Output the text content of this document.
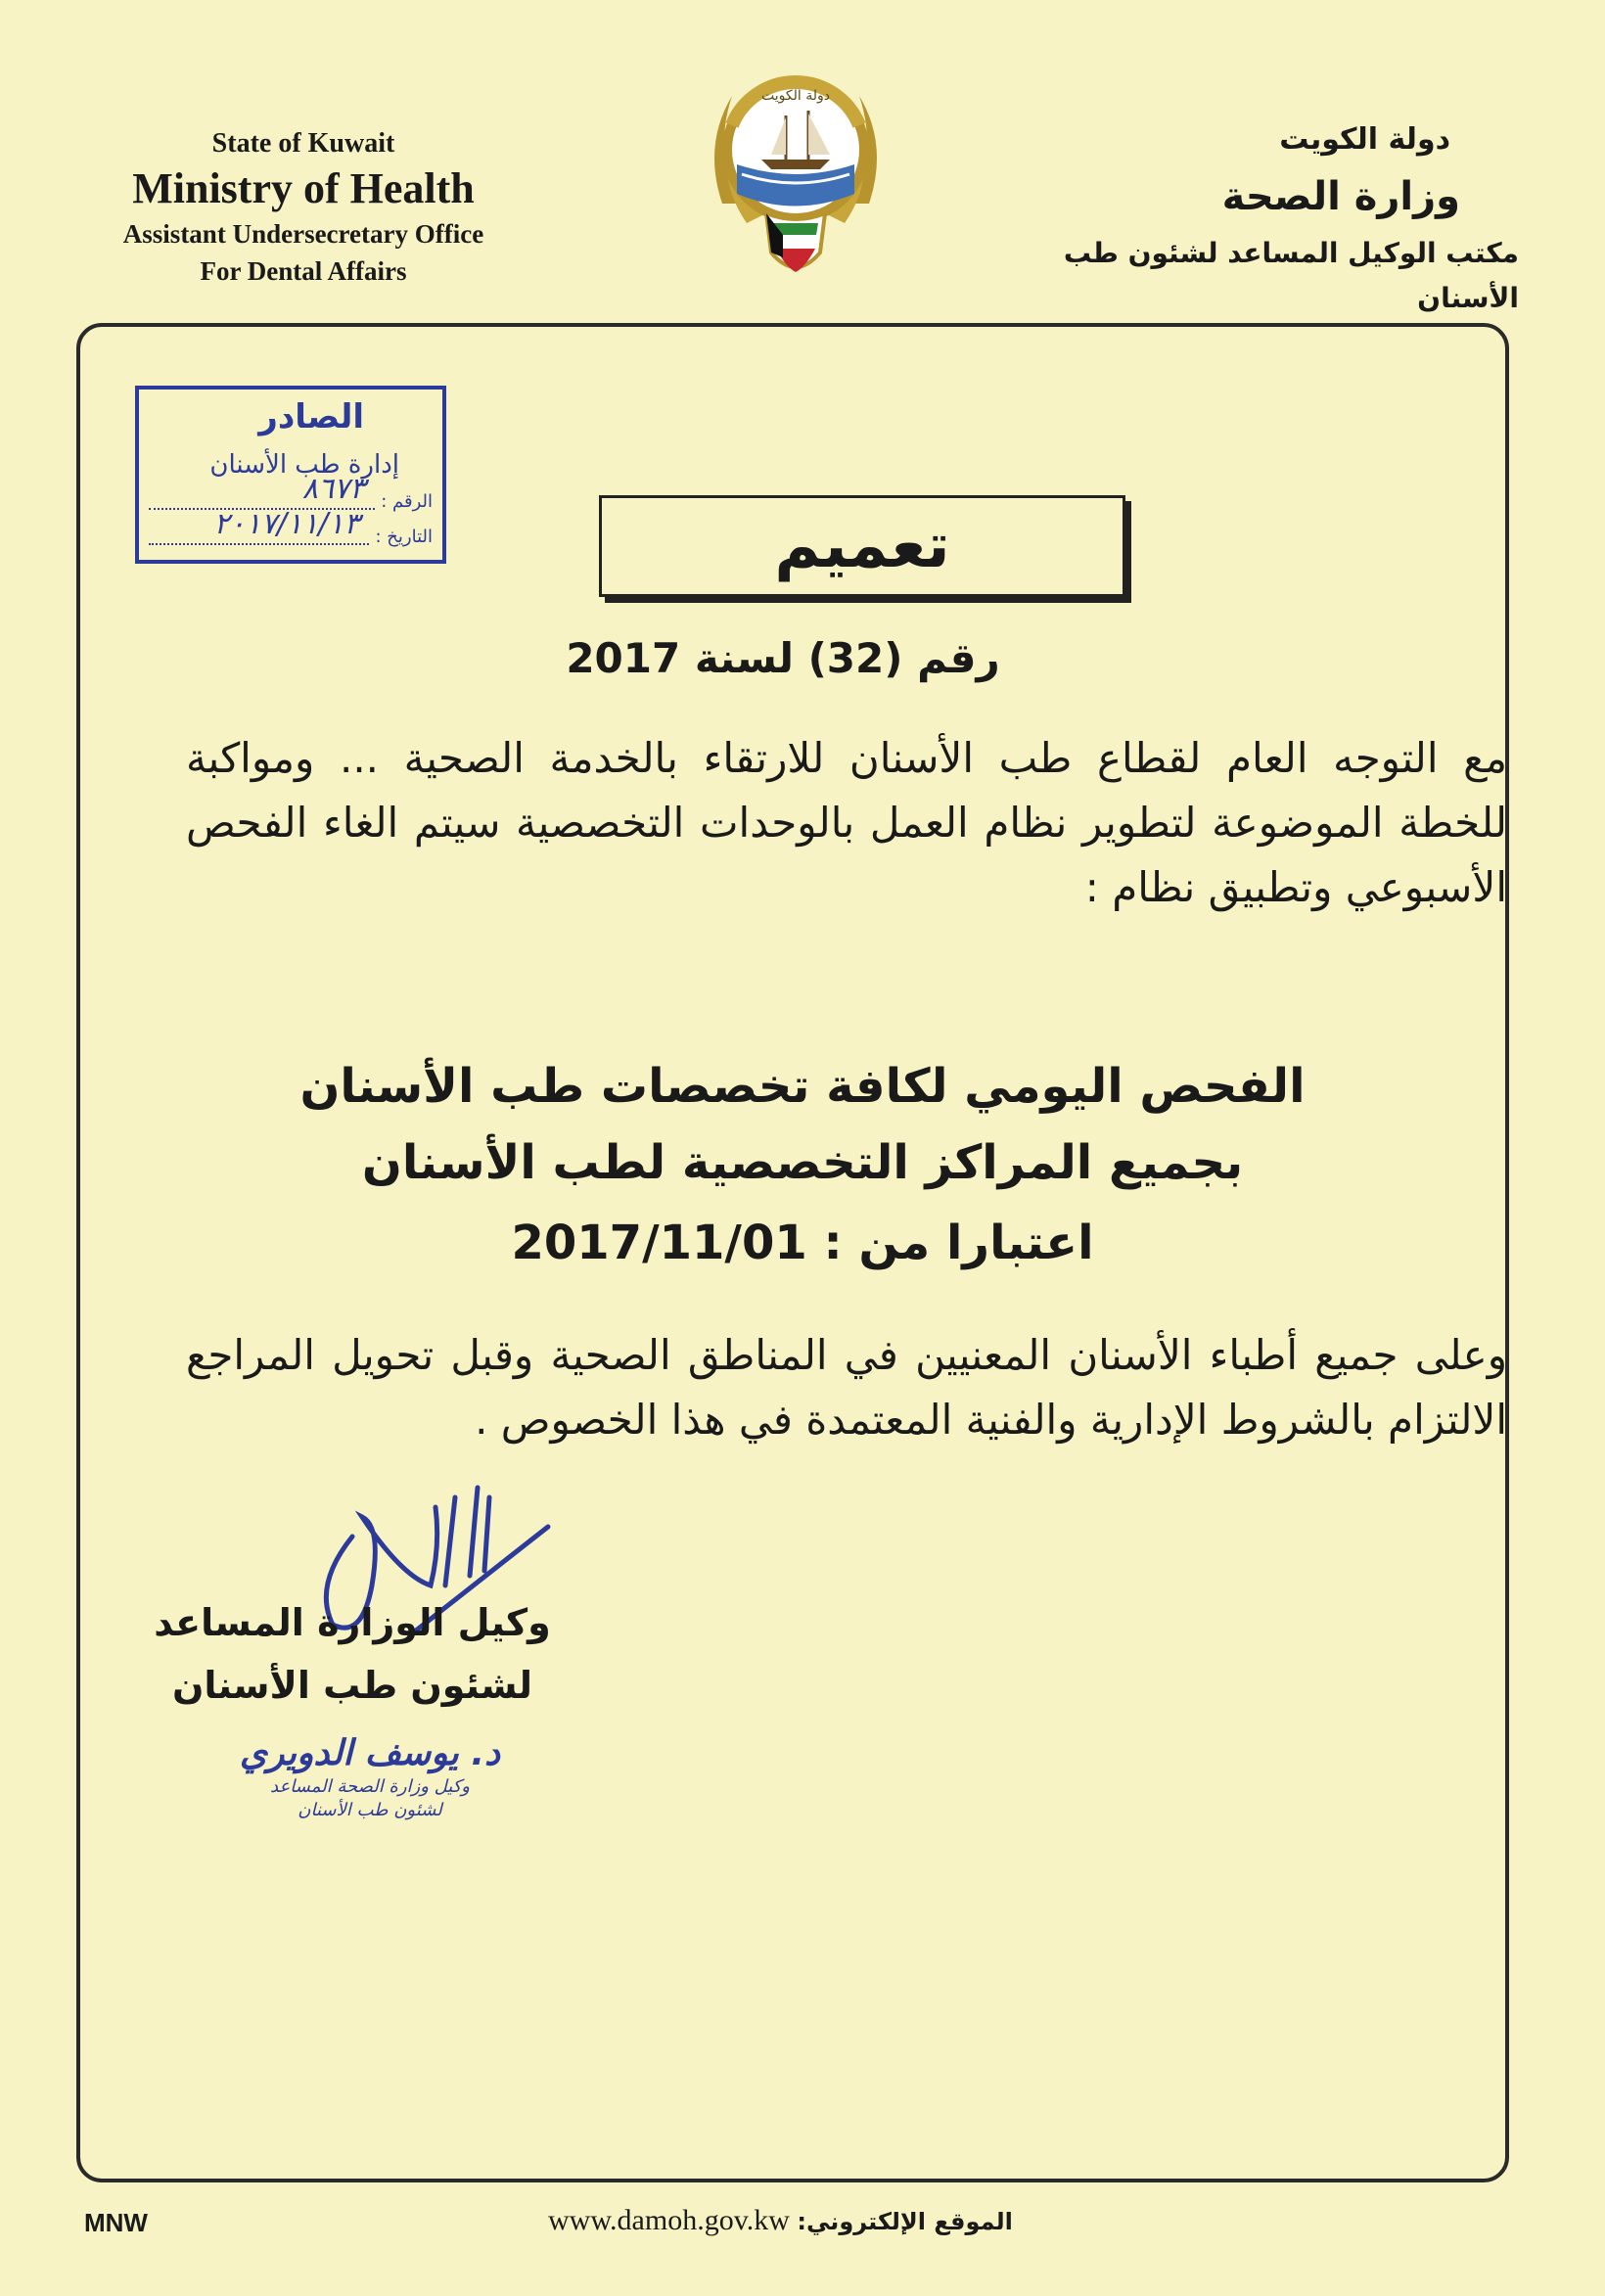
State of Kuwait
Ministry of Health
Assistant Undersecretary Office
For Dental Affairs
دولة الكويت
دولة الكويت
وزارة الصحة
مكتب الوكيل المساعد لشئون طب الأسنان
الصادر
إدارة طب الأسنان
الرقم :
٨٦٧٣
التاريخ :
٢٠١٧/١١/١٣	تعميم
رقم (32) لسنة 2017
مع التوجه العام لقطاع طب الأسنان للارتقاء بالخدمة الصحية ... ومواكبة للخطة الموضوعة لتطوير نظام العمل بالوحدات التخصصية سيتم الغاء الفحص الأسبوعي وتطبيق نظام :
الفحص اليومي لكافة تخصصات طب الأسنان
بجميع المراكز التخصصية لطب الأسنان
اعتبارا من : 2017/11/01
وعلى جميع أطباء الأسنان المعنيين في المناطق الصحية وقبل تحويل المراجع الالتزام بالشروط الإدارية والفنية المعتمدة في هذا الخصوص .
وكيل الوزارة المساعد
لشئون طب الأسنان
د. يوسف الدويري
وكيل وزارة الصحة المساعد
لشئون طب الأسنان
MNW	www.damoh.gov.kw الموقع الإلكتروني:
